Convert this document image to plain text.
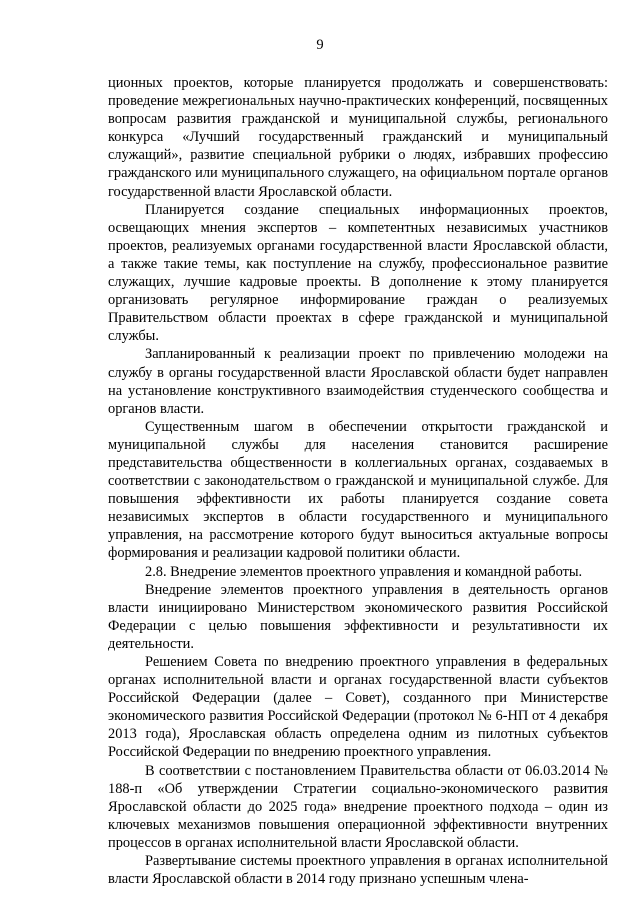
9

ционных проектов, которые планируется продолжать и совершенствовать: проведение межрегиональных научно-практических конференций, посвященных вопросам развития гражданской и муниципальной службы, регионального конкурса «Лучший государственный гражданский и муниципальный служащий», развитие специальной рубрики о людях, избравших профессию гражданского или муниципального служащего, на официальном портале органов государственной власти Ярославской области.

Планируется создание специальных информационных проектов, освещающих мнения экспертов – компетентных независимых участников проектов, реализуемых органами государственной власти Ярославской области, а также такие темы, как поступление на службу, профессиональное развитие служащих, лучшие кадровые проекты. В дополнение к этому планируется организовать регулярное информирование граждан о реализуемых Правительством области проектах в сфере гражданской и муниципальной службы.

Запланированный к реализации проект по привлечению молодежи на службу в органы государственной власти Ярославской области будет направлен на установление конструктивного взаимодействия студенческого сообщества и органов власти.

Существенным шагом в обеспечении открытости гражданской и муниципальной службы для населения становится расширение представительства общественности в коллегиальных органах, создаваемых в соответствии с законодательством о гражданской и муниципальной службе. Для повышения эффективности их работы планируется создание совета независимых экспертов в области государственного и муниципального управления, на рассмотрение которого будут выноситься актуальные вопросы формирования и реализации кадровой политики области.

2.8. Внедрение элементов проектного управления и командной работы.

Внедрение элементов проектного управления в деятельность органов власти инициировано Министерством экономического развития Российской Федерации с целью повышения эффективности и результативности их деятельности.

Решением Совета по внедрению проектного управления в федеральных органах исполнительной власти и органах государственной власти субъектов Российской Федерации (далее – Совет), созданного при Министерстве экономического развития Российской Федерации (протокол № 6-НП от 4 декабря 2013 года), Ярославская область определена одним из пилотных субъектов Российской Федерации по внедрению проектного управления.

В соответствии с постановлением Правительства области от 06.03.2014 № 188-п «Об утверждении Стратегии социально-экономического развития Ярославской области до 2025 года» внедрение проектного подхода – один из ключевых механизмов повышения операционной эффективности внутренних процессов в органах исполнительной власти Ярославской области.

Развертывание системы проектного управления в органах исполнительной власти Ярославской области в 2014 году признано успешным члена-
